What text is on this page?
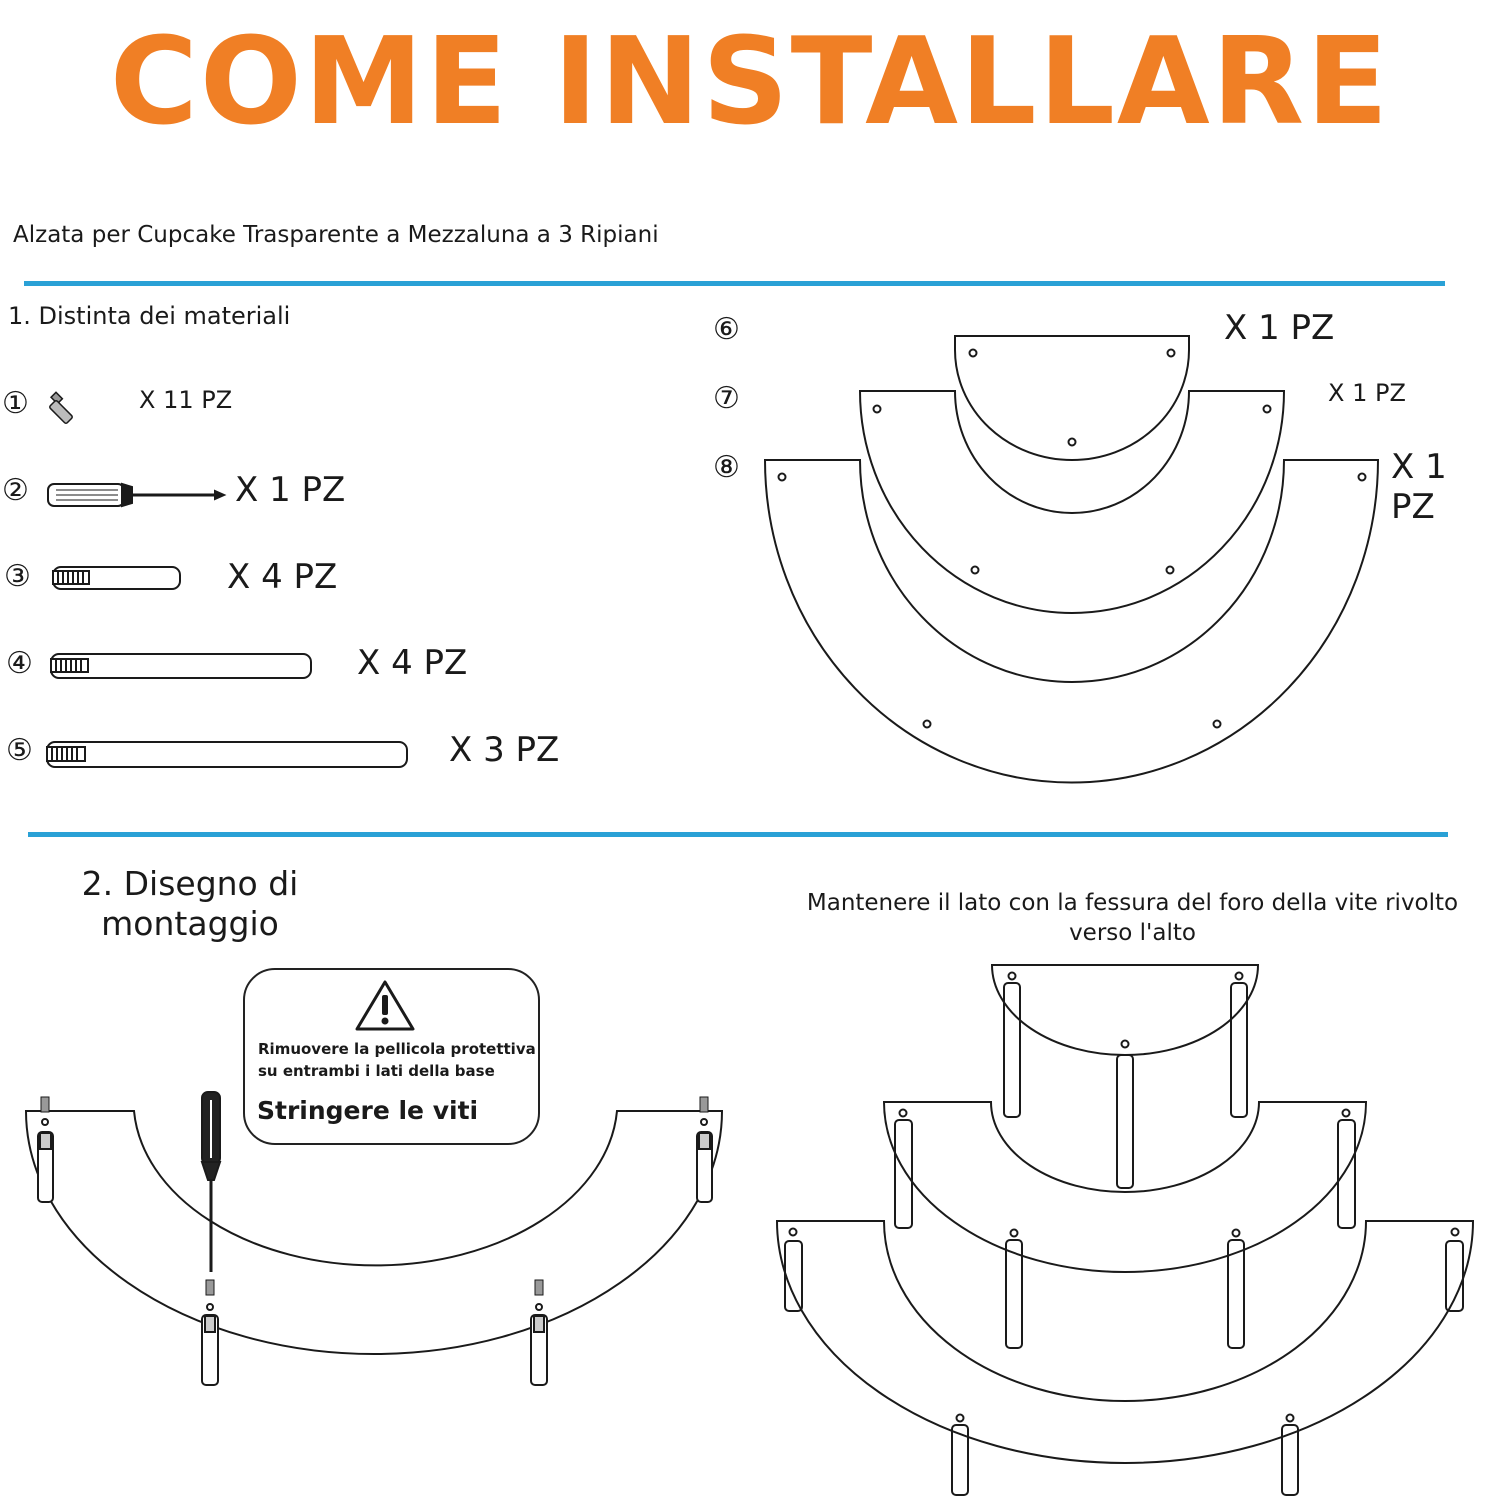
COME INSTALLARE
Alzata per Cupcake Trasparente a Mezzaluna a 3 Ripiani
1. Distinta dei materiali
①
②
③
④
⑤
⑥
⑦
⑧
X 11 PZ
X 1 PZ
X 4 PZ
X 4 PZ
X 3 PZ
X 1 PZ
X 1 PZ
X 1 PZ
2. Disegno di montaggio
Mantenere il lato con la fessura del foro della vite rivolto verso l'alto
Rimuovere la pellicola protettiva
su entrambi i lati della base
Stringere le viti
